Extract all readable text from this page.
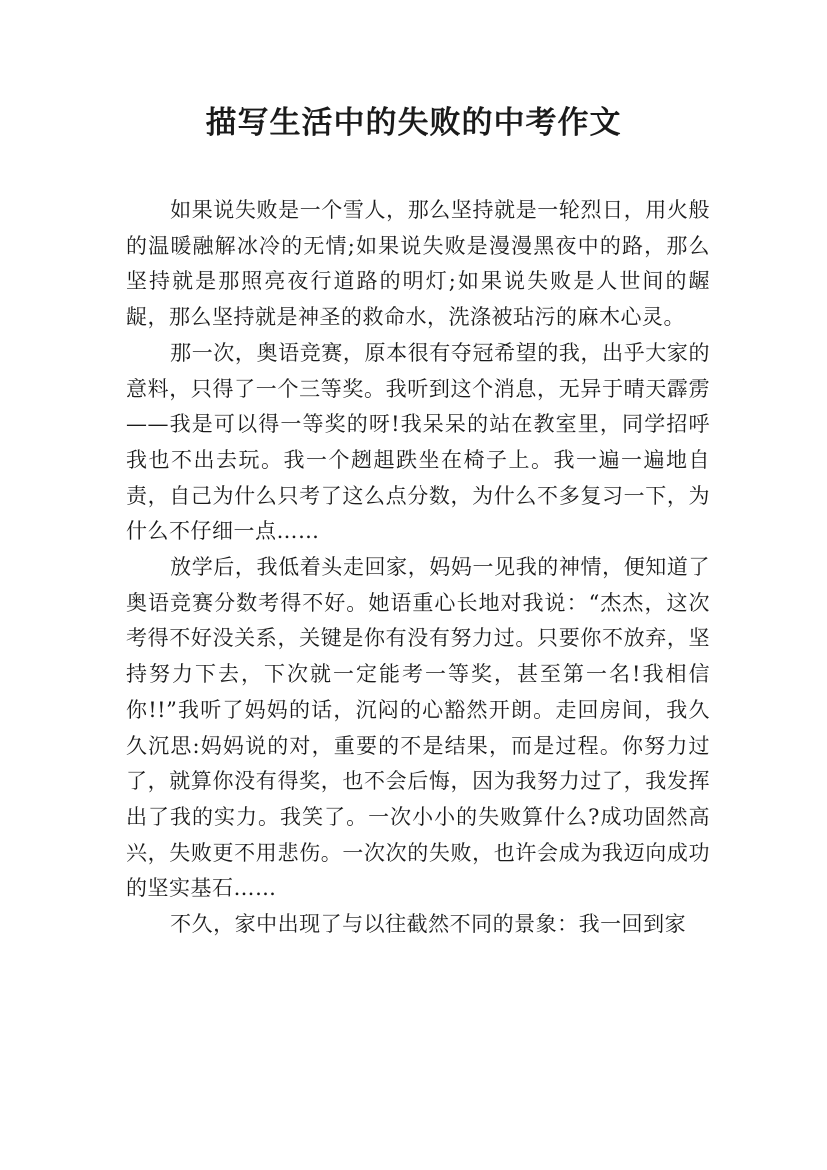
描写生活中的失败的中考作文

如果说失败是一个雪人，那么坚持就是一轮烈日，用火般的温暖融解冰冷的无情;如果说失败是漫漫黑夜中的路，那么坚持就是那照亮夜行道路的明灯;如果说失败是人世间的龌龊，那么坚持就是神圣的救命水，洗涤被玷污的麻木心灵。

那一次，奥语竞赛，原本很有夺冠希望的我，出乎大家的意料，只得了一个三等奖。我听到这个消息，无异于晴天霹雳——我是可以得一等奖的呀!我呆呆的站在教室里，同学招呼我也不出去玩。我一个趔趄跌坐在椅子上。我一遍一遍地自责，自己为什么只考了这么点分数，为什么不多复习一下，为什么不仔细一点……

放学后，我低着头走回家，妈妈一见我的神情，便知道了奥语竞赛分数考得不好。她语重心长地对我说：“杰杰，这次考得不好没关系，关键是你有没有努力过。只要你不放弃，坚持努力下去，下次就一定能考一等奖，甚至第一名!我相信你!!”我听了妈妈的话，沉闷的心豁然开朗。走回房间，我久久沉思:妈妈说的对，重要的不是结果，而是过程。你努力过了，就算你没有得奖，也不会后悔，因为我努力过了，我发挥出了我的实力。我笑了。一次小小的失败算什么?成功固然高兴，失败更不用悲伤。一次次的失败，也许会成为我迈向成功的坚实基石……

不久，家中出现了与以往截然不同的景象：我一回到家
